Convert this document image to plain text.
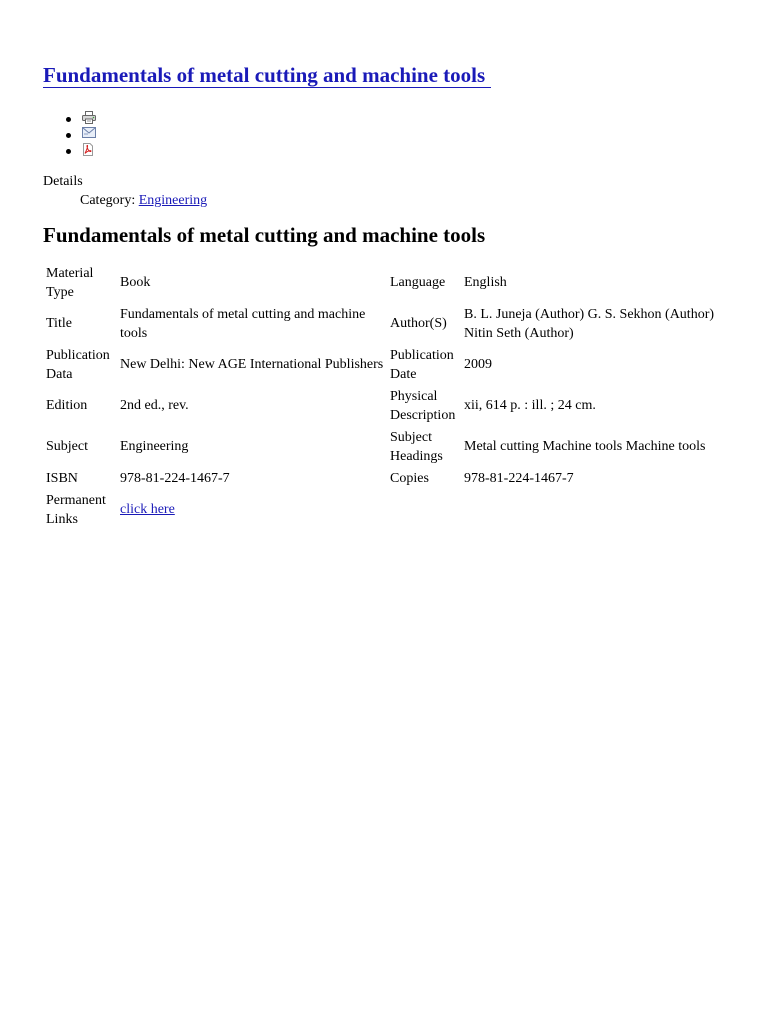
Fundamentals of metal cutting and machine tools
Details
Category: Engineering
Fundamentals of metal cutting and machine tools
Material Type	Book	Language	English
Title	Fundamentals of metal cutting and machine tools	Author(S)	B. L. Juneja (Author) G. S. Sekhon (Author) Nitin Seth (Author)
Publication Data	New Delhi: New AGE International Publishers	Publication Date	2009
Edition	2nd ed., rev.	Physical Description	xii, 614 p. : ill. ; 24 cm.
Subject	Engineering	Subject Headings	Metal cutting Machine tools Machine tools
ISBN	978-81-224-1467-7	Copies	978-81-224-1467-7
Permanent Links	click here		
